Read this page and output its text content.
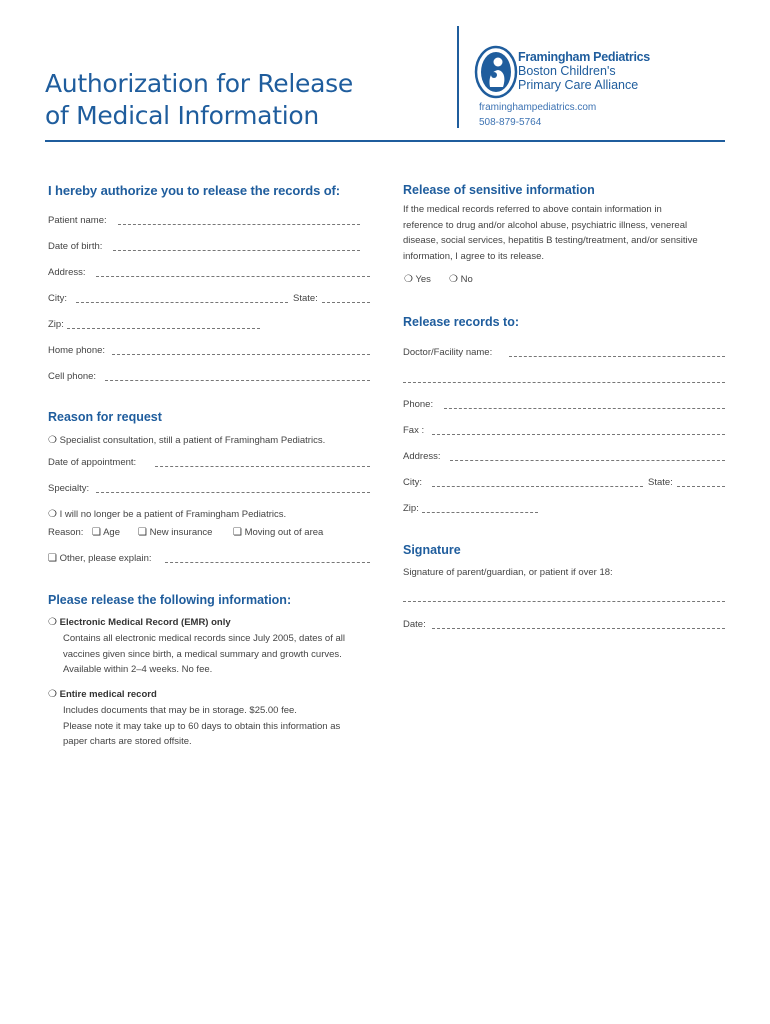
Authorization for Release
of Medical Information
Framingham Pediatrics
Boston Children's
Primary Care Alliance
framinghampediatrics.com
508-879-5764
I hereby authorize you to release the records of:
Patient name:
Date of birth:
Address:
City:	State:
Zip:
Home phone:
Cell phone:
Reason for request
❍ Specialist consultation, still a patient of Framingham Pediatrics.
Date of appointment:
Specialty:
❍ I will no longer be a patient of Framingham Pediatrics.
Reason: ❏ Age ❏ New insurance ❏ Moving out of area
❏ Other, please explain:
Please release the following information:
❍ Electronic Medical Record (EMR) only
Contains all electronic medical records since July 2005, dates of all
vaccines given since birth, a medical summary and growth curves.
Available within 2–4 weeks. No fee.
❍ Entire medical record
Includes documents that may be in storage. $25.00 fee.
Please note it may take up to 60 days to obtain this information as
paper charts are stored offsite.
Release of sensitive information
If the medical records referred to above contain information in
reference to drug and/or alcohol abuse, psychiatric illness, venereal
disease, social services, hepatitis B testing/treatment, and/or sensitive
information, I agree to its release.
❍ Yes ❍ No
Release records to:
Doctor/Facility name:
Phone:
Fax :
Address:
City:	State:
Zip:
Signature
Signature of parent/guardian, or patient if over 18:
Date:
